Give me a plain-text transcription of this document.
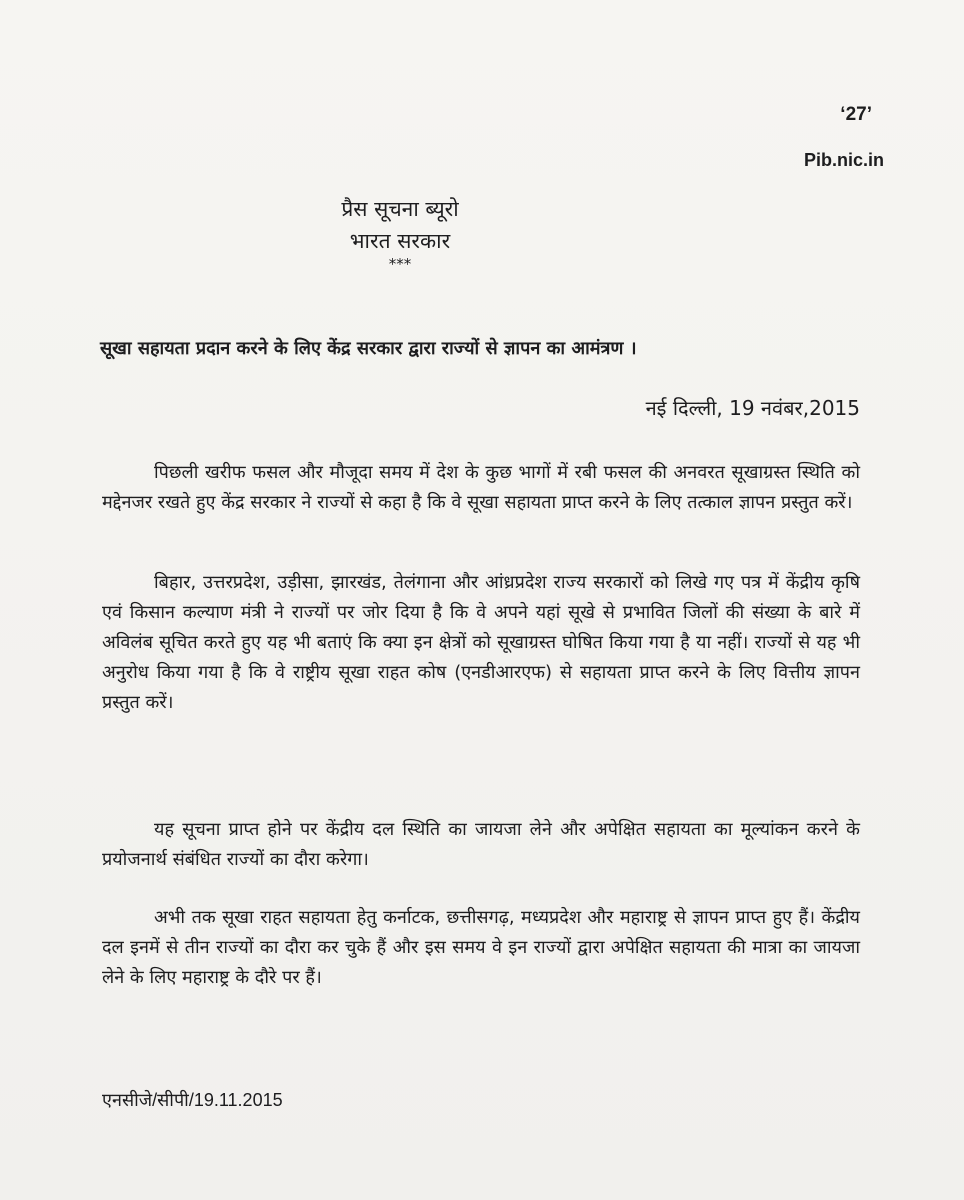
‘27’
Pib.nic.in
प्रैस सूचना ब्यूरो
भारत सरकार
***
सूखा सहायता प्रदान करने के लिए केंद्र सरकार द्वारा राज्यों से ज्ञापन का आमंत्रण ।
नई दिल्ली, 19 नवंबर,2015

पिछली खरीफ फसल और मौजूदा समय में देश के कुछ भागों में रबी फसल की अनवरत सूखाग्रस्त स्थिति को मद्देनजर रखते हुए केंद्र सरकार ने राज्यों से कहा है कि वे सूखा सहायता प्राप्त करने के लिए तत्काल ज्ञापन प्रस्तुत करें।

बिहार, उत्तरप्रदेश, उड़ीसा, झारखंड, तेलंगाना और आंध्रप्रदेश राज्य सरकारों को लिखे गए पत्र में केंद्रीय कृषि एवं किसान कल्याण मंत्री ने राज्यों पर जोर दिया है कि वे अपने यहां सूखे से प्रभावित जिलों की संख्या के बारे में अविलंब सूचित करते हुए यह भी बताएं कि क्या इन क्षेत्रों को सूखाग्रस्त घोषित किया गया है या नहीं। राज्यों से यह भी अनुरोध किया गया है कि वे राष्ट्रीय सूखा राहत कोष (एनडीआरएफ) से सहायता प्राप्त करने के लिए वित्तीय ज्ञापन प्रस्तुत करें।

यह सूचना प्राप्त होने पर केंद्रीय दल स्थिति का जायजा लेने और अपेक्षित सहायता का मूल्यांकन करने के प्रयोजनार्थ संबंधित राज्यों का दौरा करेगा।

अभी तक सूखा राहत सहायता हेतु कर्नाटक, छत्तीसगढ़, मध्यप्रदेश और महाराष्ट्र से ज्ञापन प्राप्त हुए हैं। केंद्रीय दल इनमें से तीन राज्यों का दौरा कर चुके हैं और इस समय वे इन राज्यों द्वारा अपेक्षित सहायता की मात्रा का जायजा लेने के लिए महाराष्ट्र के दौरे पर हैं।

एनसीजे/सीपी/19.11.2015
